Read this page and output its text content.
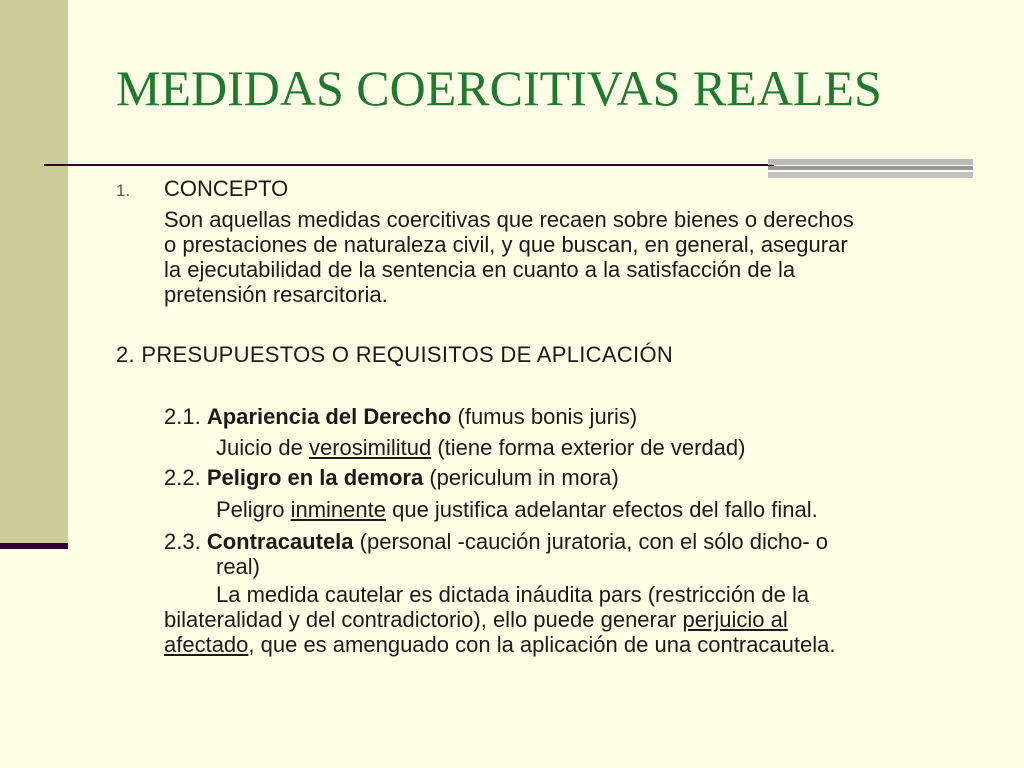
MEDIDAS COERCITIVAS REALES
1. CONCEPTO
Son aquellas medidas coercitivas que recaen sobre bienes o derechos
o prestaciones de naturaleza civil, y que buscan, en general, asegurar
la ejecutabilidad de la sentencia en cuanto a la satisfacción de la
pretensión resarcitoria.
2. PRESUPUESTOS O REQUISITOS DE APLICACIÓN
2.1. Apariencia del Derecho (fumus bonis juris)
Juicio de verosimilitud (tiene forma exterior de verdad)
2.2. Peligro en la demora (periculum in mora)
Peligro inminente que justifica adelantar efectos del fallo final.
2.3. Contracautela (personal -caución juratoria, con el sólo dicho- o
real)
La medida cautelar es dictada ináudita pars (restricción de la
bilateralidad y del contradictorio), ello puede generar perjuicio al
afectado, que es amenguado con la aplicación de una contracautela.
